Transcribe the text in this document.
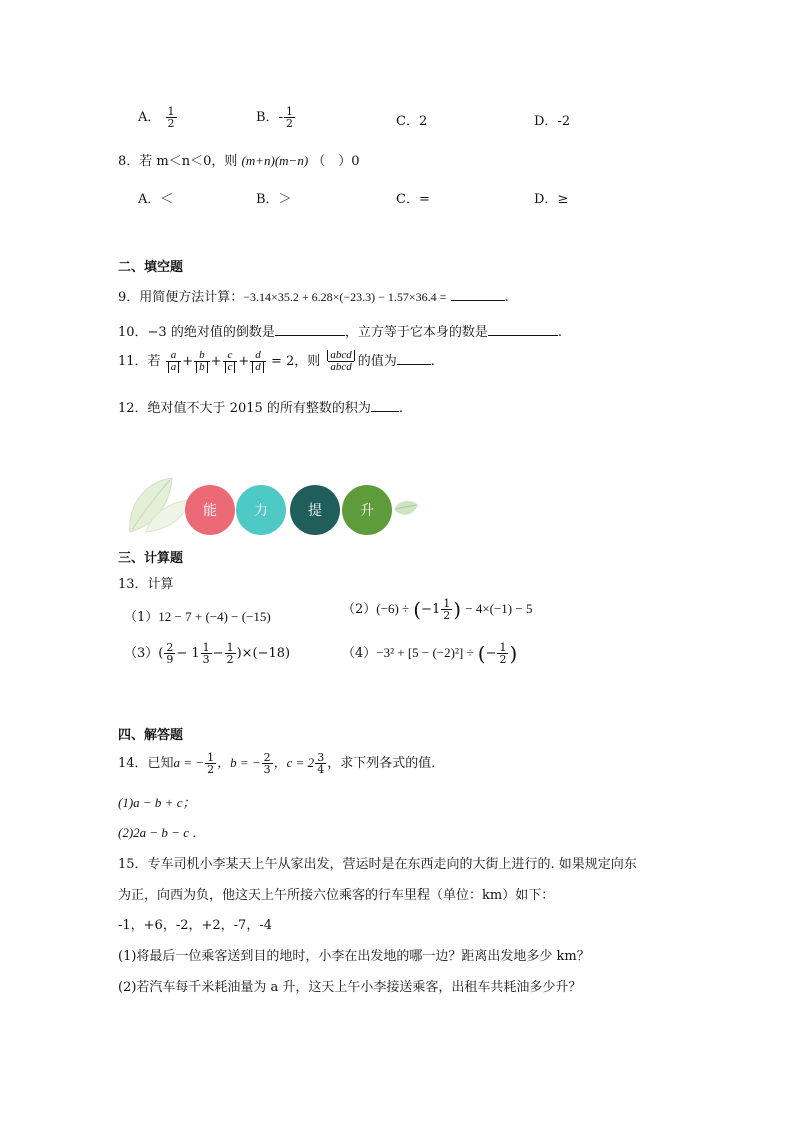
A． $\frac{1}{2}$	B．- $\frac{1}{2}$	C．2	D．-2
8．若 m＜n＜0，则 (m+n)(m−n) （　）0
A．＜	B．＞	C．=	D．≥
二、填空题
9．用简便方法计算：−3.14×35.2 + 6.28×(−23.3) − 1.57×36.4 =	.
10．−3 的绝对值的倒数是	，立方等于它本身的数是	.
11．若 $\frac{a}{a} + \frac{b}{b} + \frac{c}{c} + \frac{d}{d} = 2$，则 $\frac{\text{abcd}}{\text{abcd}}$ 的值为	.
12．绝对值不大于 2015 的所有整数的积为 .
能	力	提	升
三、计算题
13．计算
（1）12 − 7 + (−4) − (−15)	$(2)(-6) \div (-1 \frac{1}{2}$ ) − 4×(−1) − 5
$(3)( \frac{2}{9} - 1 \frac{1}{3} - \frac{1}{2} )\times(-18)$	（4）−3² + [5 − (−2)²] ÷ (− $\frac{1}{2}$ )
四、解答题
14．已知a = − $\frac{1}{2}$ ，b = − $\frac{2}{3}$ ，$c = 2 \frac{3}{4}$ ，求下列各式的值．
(1)a − b + c；
(2)2a − b − c ．
15．专车司机小李某天上午从家出发，营运时是在东西走向的大街上进行的. 如果规定向东
为正，向西为负，他这天上午所接六位乘客的行车里程（单位：km）如下：
-1，+6，-2，+2，-7，-4
(1)将最后一位乘客送到目的地时，小李在出发地的哪一边？距离出发地多少 km？
(2)若汽车每千米耗油量为 a 升，这天上午小李接送乘客，出租车共耗油多少升？
